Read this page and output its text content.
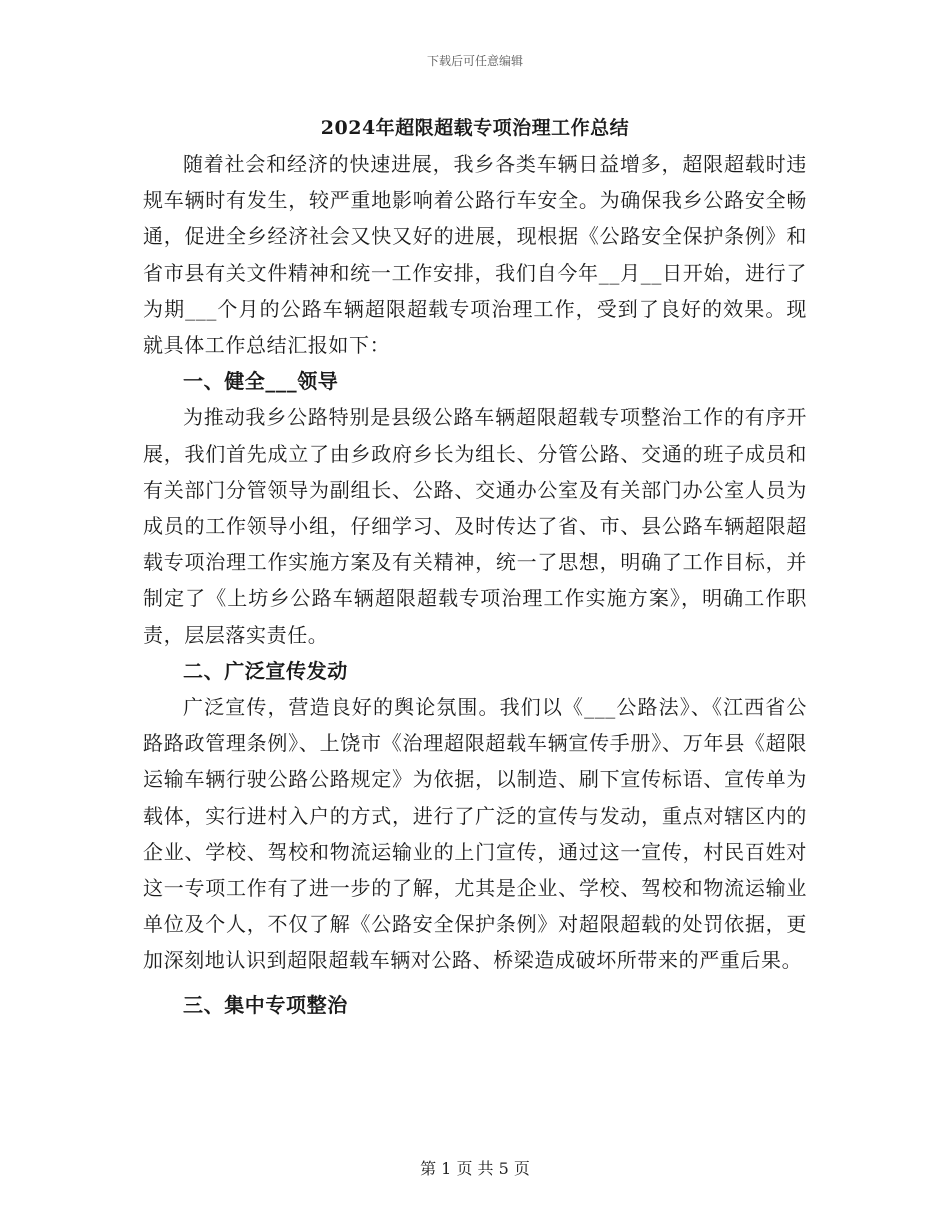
下载后可任意编辑
2024年超限超载专项治理工作总结

随着社会和经济的快速进展，我乡各类车辆日益增多，超限超载时违规车辆时有发生，较严重地影响着公路行车安全。为确保我乡公路安全畅通，促进全乡经济社会又快又好的进展，现根据《公路安全保护条例》和省市县有关文件精神和统一工作安排，我们自今年__月__日开始，进行了为期___个月的公路车辆超限超载专项治理工作，受到了良好的效果。现就具体工作总结汇报如下：

一、健全___领导

为推动我乡公路特别是县级公路车辆超限超载专项整治工作的有序开展，我们首先成立了由乡政府乡长为组长、分管公路、交通的班子成员和有关部门分管领导为副组长、公路、交通办公室及有关部门办公室人员为成员的工作领导小组，仔细学习、及时传达了省、市、县公路车辆超限超载专项治理工作实施方案及有关精神，统一了思想，明确了工作目标，并制定了《上坊乡公路车辆超限超载专项治理工作实施方案》，明确工作职责，层层落实责任。

二、广泛宣传发动

广泛宣传，营造良好的舆论氛围。我们以《___公路法》、《江西省公路路政管理条例》、上饶市《治理超限超载车辆宣传手册》、万年县《超限运输车辆行驶公路公路规定》为依据，以制造、刷下宣传标语、宣传单为载体，实行进村入户的方式，进行了广泛的宣传与发动，重点对辖区内的企业、学校、驾校和物流运输业的上门宣传，通过这一宣传，村民百姓对这一专项工作有了进一步的了解，尤其是企业、学校、驾校和物流运输业单位及个人，不仅了解《公路安全保护条例》对超限超载的处罚依据，更加深刻地认识到超限超载车辆对公路、桥梁造成破坏所带来的严重后果。

三、集中专项整治

第 1 页 共 5 页
